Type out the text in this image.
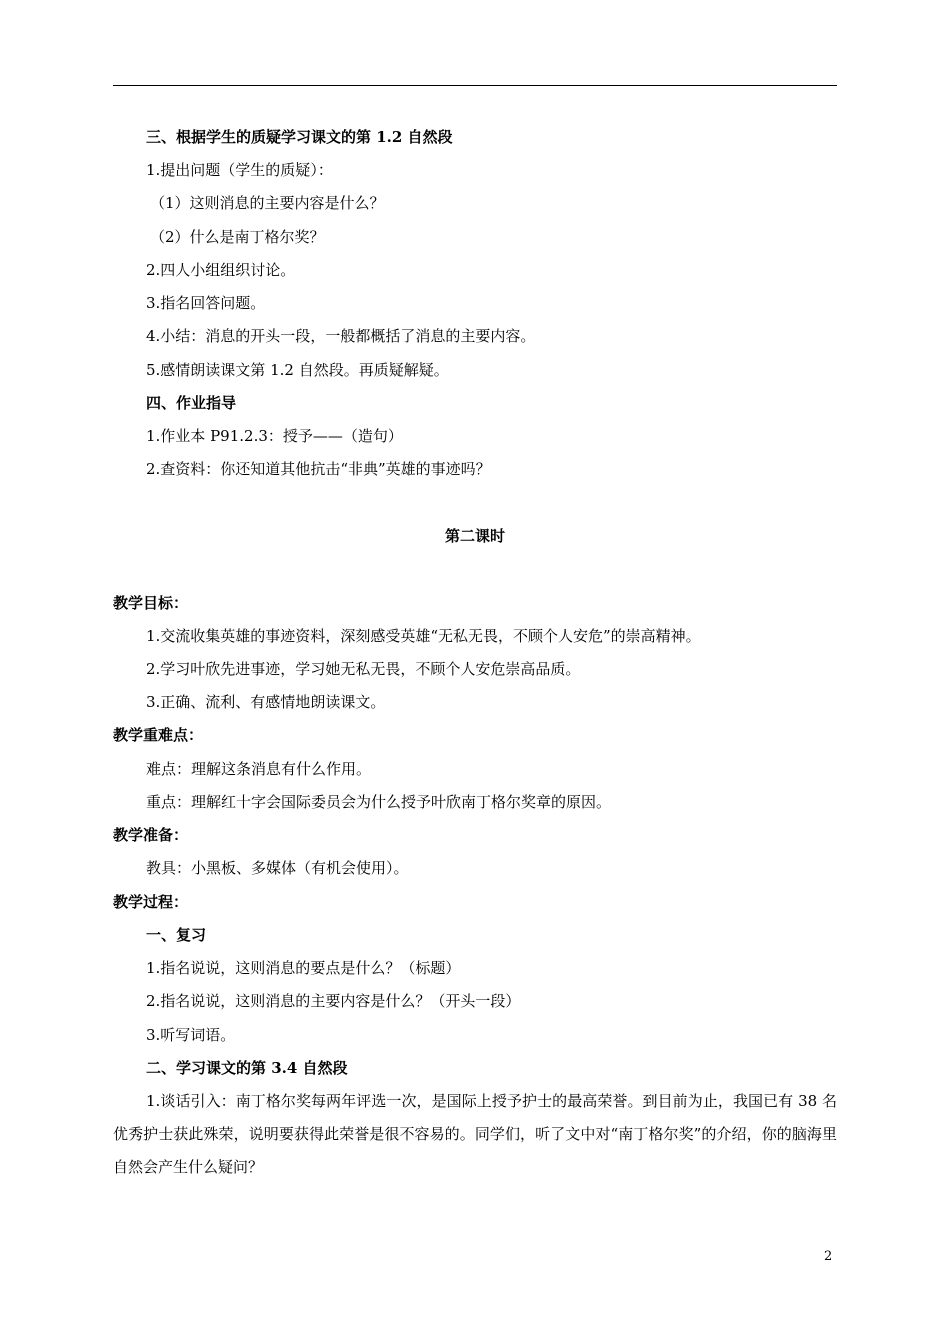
三、根据学生的质疑学习课文的第 1.2 自然段
1.提出问题（学生的质疑）：
（1）这则消息的主要内容是什么？
（2）什么是南丁格尔奖？
2.四人小组组织讨论。
3.指名回答问题。
4.小结：消息的开头一段，一般都概括了消息的主要内容。
5.感情朗读课文第 1.2 自然段。再质疑解疑。
四、作业指导
1.作业本 P91.2.3：授予——（造句）
2.查资料：你还知道其他抗击“非典”英雄的事迹吗？
第二课时
教学目标：
1.交流收集英雄的事迹资料，深刻感受英雄“无私无畏，不顾个人安危”的崇高精神。
2.学习叶欣先进事迹，学习她无私无畏，不顾个人安危崇高品质。
3.正确、流利、有感情地朗读课文。
教学重难点：
难点：理解这条消息有什么作用。
重点：理解红十字会国际委员会为什么授予叶欣南丁格尔奖章的原因。
教学准备：
教具：小黑板、多媒体（有机会使用）。
教学过程：
一、复习
1.指名说说，这则消息的要点是什么？（标题）
2.指名说说，这则消息的主要内容是什么？（开头一段）
3.听写词语。
二、学习课文的第 3.4 自然段
1.谈话引入：南丁格尔奖每两年评选一次，是国际上授予护士的最高荣誉。到目前为止，我国已有 38 名优秀护士获此殊荣，说明要获得此荣誉是很不容易的。同学们，听了文中对“南丁格尔奖”的介绍，你的脑海里自然会产生什么疑问？
2
